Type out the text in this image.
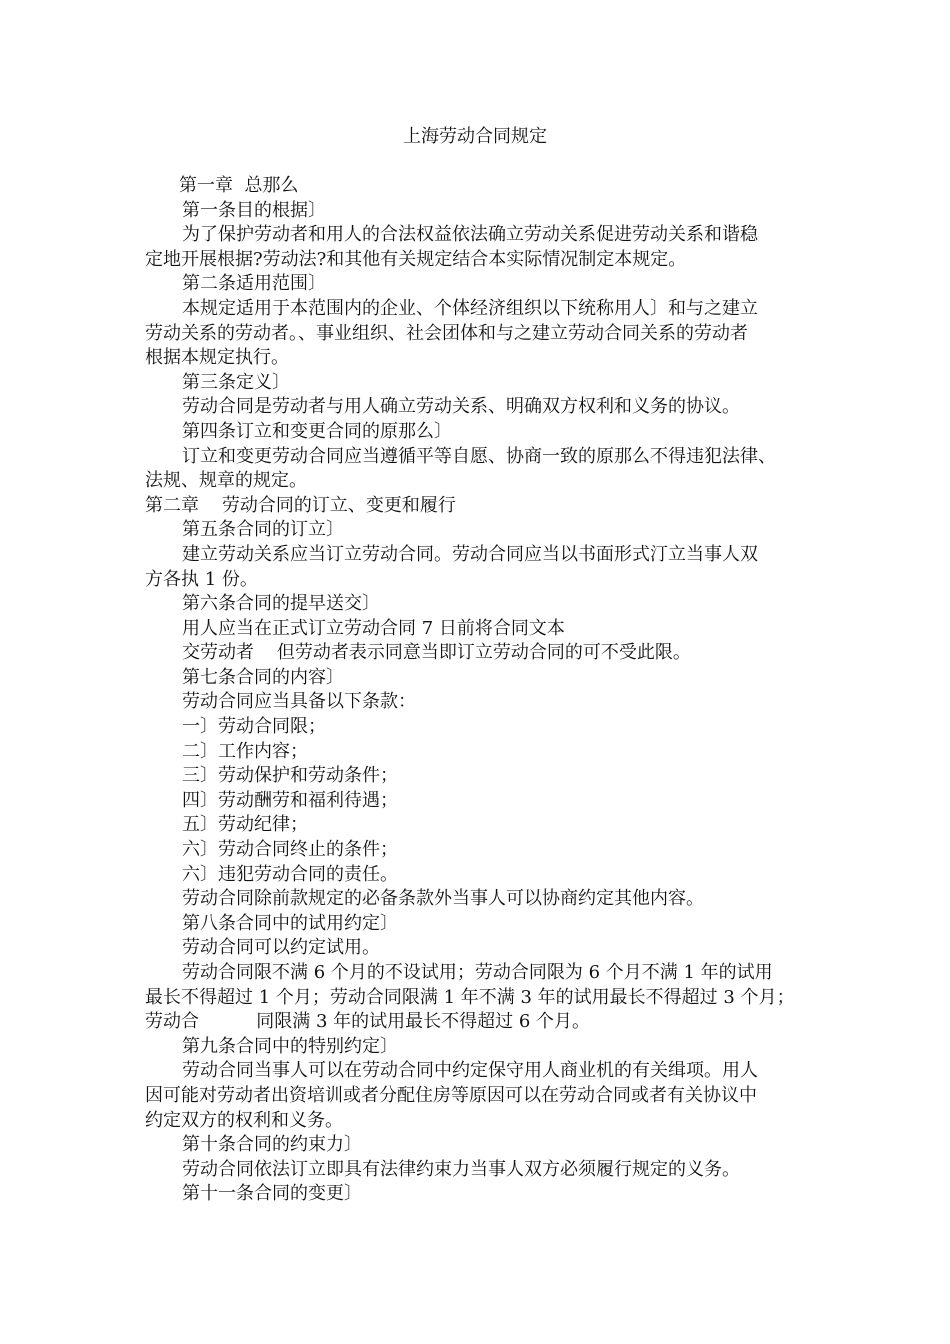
上海劳动合同规定
第一章  总那么
第一条目的根据〕
为了保护劳动者和用人的合法权益依法确立劳动关系促进劳动关系和谐稳
定地开展根据?劳动法?和其他有关规定结合本实际情况制定本规定。
第二条适用范围〕
本规定适用于本范围内的企业、个体经济组织以下统称用人〕和与之建立
劳动关系的劳动者。、事业组织、社会团体和与之建立劳动合同关系的劳动者
根据本规定执行。
第三条定义〕
劳动合同是劳动者与用人确立劳动关系、明确双方权利和义务的协议。
第四条订立和变更合同的原那么〕
订立和变更劳动合同应当遵循平等自愿、协商一致的原那么不得违犯法律、
法规、规章的规定。
第二章    劳动合同的订立、变更和履行
第五条合同的订立〕
建立劳动关系应当订立劳动合同。劳动合同应当以书面形式汀立当事人双
方各执 1 份。
第六条合同的提早送交〕
用人应当在正式订立劳动合同 7 日前将合同文本
交劳动者    但劳动者表示同意当即订立劳动合同的可不受此限。
第七条合同的内容〕
劳动合同应当具备以下条款：
一〕劳动合同限；
二〕工作内容；
三〕劳动保护和劳动条件；
四〕劳动酬劳和福利待遇；
五〕劳动纪律；
六〕劳动合同终止的条件；
六〕违犯劳动合同的责任。
劳动合同除前款规定的必备条款外当事人可以协商约定其他内容。
第八条合同中的试用约定〕
劳动合同可以约定试用。
劳动合同限不满 6 个月的不设试用；劳动合同限为 6 个月不满 1 年的试用
最长不得超过 1 个月；劳动合同限满 1 年不满 3 年的试用最长不得超过 3 个月；
劳动合          同限满 3 年的试用最长不得超过 6 个月。
第九条合同中的特别约定〕
劳动合同当事人可以在劳动合同中约定保守用人商业机的有关缉项。用人
因可能对劳动者出资培训或者分配住房等原因可以在劳动合同或者有关协议中
约定双方的权利和义务。
第十条合同的约束力〕
劳动合同依法订立即具有法律约束力当事人双方必须履行规定的义务。
第十一条合同的变更〕
